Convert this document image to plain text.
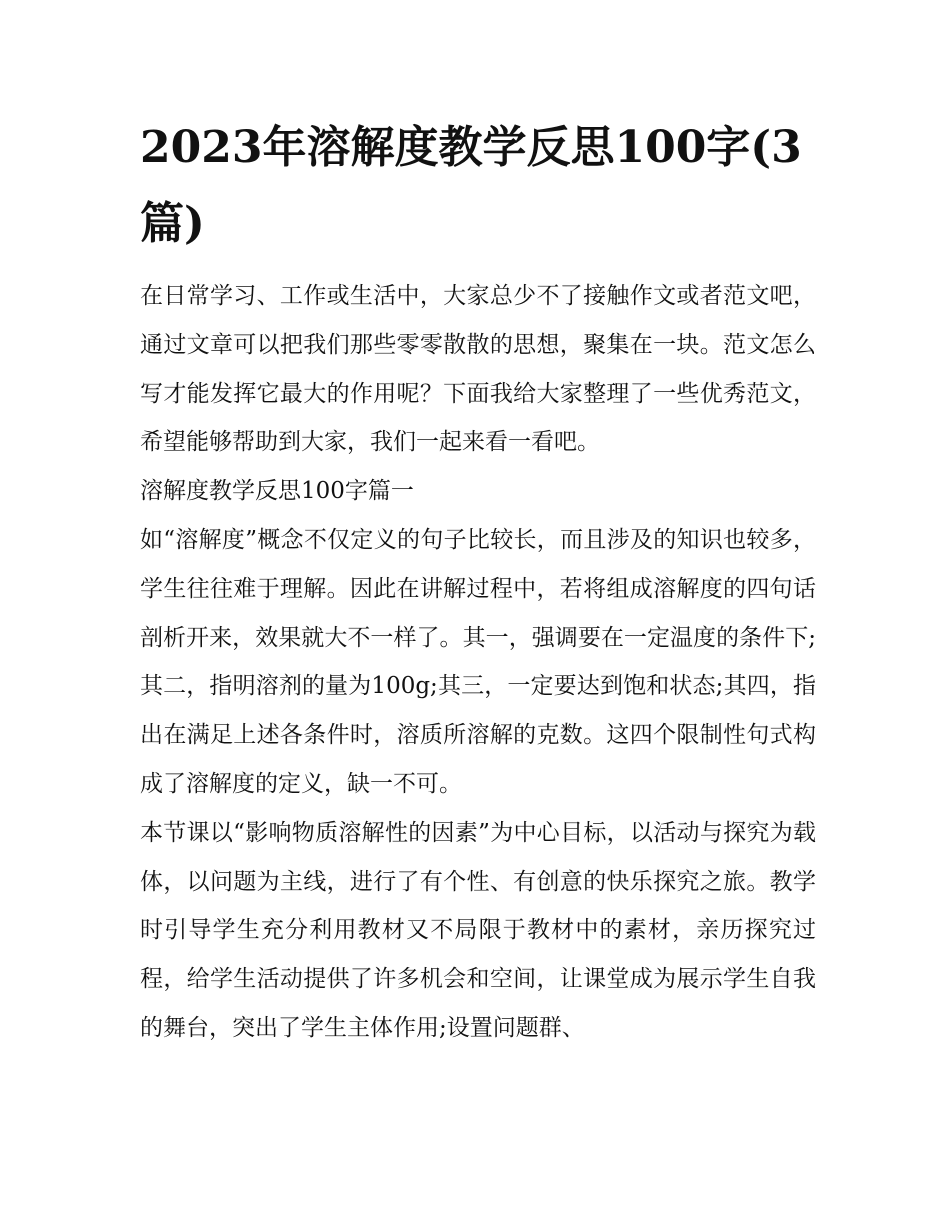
2023年溶解度教学反思100字(3篇)

在日常学习、工作或生活中，大家总少不了接触作文或者范文吧，通过文章可以把我们那些零零散散的思想，聚集在一块。范文怎么写才能发挥它最大的作用呢？下面我给大家整理了一些优秀范文，希望能够帮助到大家，我们一起来看一看吧。

溶解度教学反思100字篇一

如“溶解度”概念不仅定义的句子比较长，而且涉及的知识也较多，学生往往难于理解。因此在讲解过程中，若将组成溶解度的四句话剖析开来，效果就大不一样了。其一，强调要在一定温度的条件下;其二，指明溶剂的量为100g;其三，一定要达到饱和状态;其四，指出在满足上述各条件时，溶质所溶解的克数。这四个限制性句式构成了溶解度的定义，缺一不可。

本节课以“影响物质溶解性的因素”为中心目标，以活动与探究为载体，以问题为主线，进行了有个性、有创意的快乐探究之旅。教学时引导学生充分利用教材又不局限于教材中的素材，亲历探究过程，给学生活动提供了许多机会和空间，让课堂成为展示学生自我的舞台，突出了学生主体作用;设置问题群、
